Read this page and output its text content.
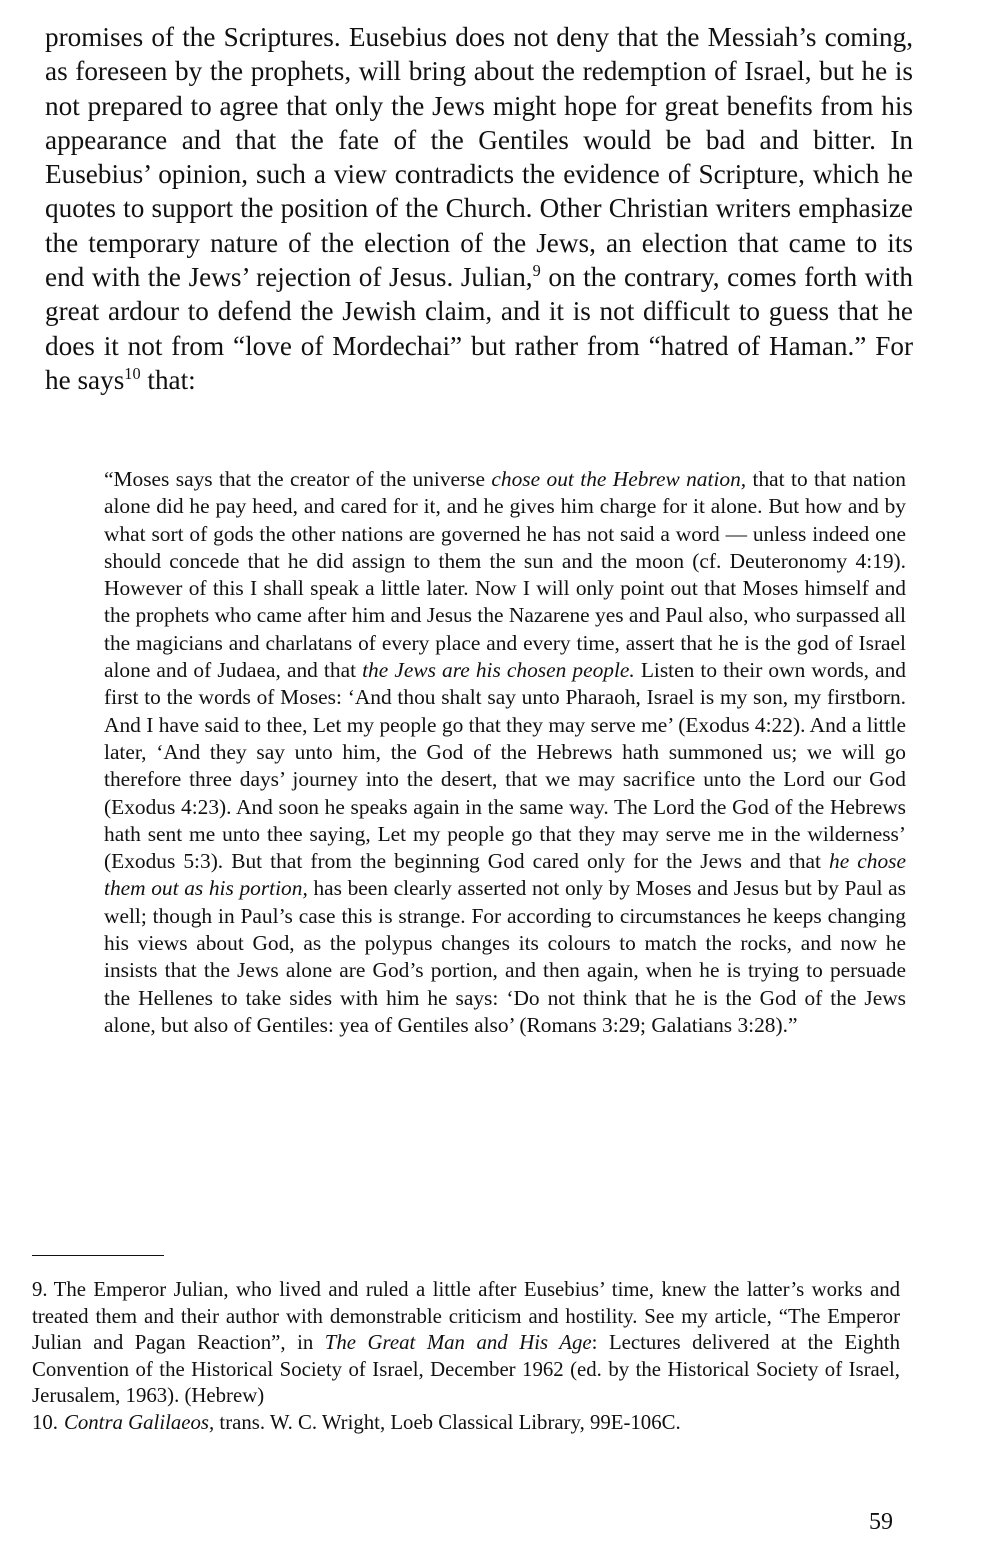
promises of the Scriptures. Eusebius does not deny that the Messiah’s coming, as foreseen by the prophets, will bring about the redemption of Israel, but he is not prepared to agree that only the Jews might hope for great benefits from his appearance and that the fate of the Gentiles would be bad and bitter. In Eusebius’ opinion, such a view contradicts the evidence of Scripture, which he quotes to support the position of the Church. Other Christian writers emphasize the temporary nature of the election of the Jews, an election that came to its end with the Jews’ rejection of Jesus. Julian,$^9$ on the contrary, comes forth with great ardour to defend the Jewish claim, and it is not difficult to guess that he does it not from “love of Mordechai” but rather from “hatred of Haman.” For he says$^{10}$ that:

“Moses says that the creator of the universe chose out the Hebrew nation, that to that nation alone did he pay heed, and cared for it, and he gives him charge for it alone. But how and by what sort of gods the other nations are governed he has not said a word — unless indeed one should concede that he did assign to them the sun and the moon (cf. Deuteronomy 4:19). However of this I shall speak a little later. Now I will only point out that Moses himself and the prophets who came after him and Jesus the Nazarene yes and Paul also, who surpassed all the magicians and charlatans of every place and every time, assert that he is the god of Israel alone and of Judaea, and that the Jews are his chosen people. Listen to their own words, and first to the words of Moses: ‘And thou shalt say unto Pharaoh, Israel is my son, my firstborn. And I have said to thee, Let my people go that they may serve me’ (Exodus 4:22). And a little later, ‘And they say unto him, the God of the Hebrews hath summoned us; we will go therefore three days’ journey into the desert, that we may sacrifice unto the Lord our God (Exodus 4:23). And soon he speaks again in the same way. The Lord the God of the Hebrews hath sent me unto thee saying, Let my people go that they may serve me in the wilderness’ (Exodus 5:3). But that from the beginning God cared only for the Jews and that he chose them out as his portion, has been clearly asserted not only by Moses and Jesus but by Paul as well; though in Paul’s case this is strange. For according to circumstances he keeps changing his views about God, as the polypus changes its colours to match the rocks, and now he insists that the Jews alone are God’s portion, and then again, when he is trying to persuade the Hellenes to take sides with him he says: ‘Do not think that he is the God of the Jews alone, but also of Gentiles: yea of Gentiles also’ (Romans 3:29; Galatians 3:28).”

9. The Emperor Julian, who lived and ruled a little after Eusebius’ time, knew the latter’s works and treated them and their author with demonstrable criticism and hostility. See my article, “The Emperor Julian and Pagan Reaction”, in The Great Man and His Age: Lectures delivered at the Eighth Convention of the Historical Society of Israel, December 1962 (ed. by the Historical Society of Israel, Jerusalem, 1963). (Hebrew)

10. Contra Galilaeos, trans. W. C. Wright, Loeb Classical Library, 99E-106C.

59
